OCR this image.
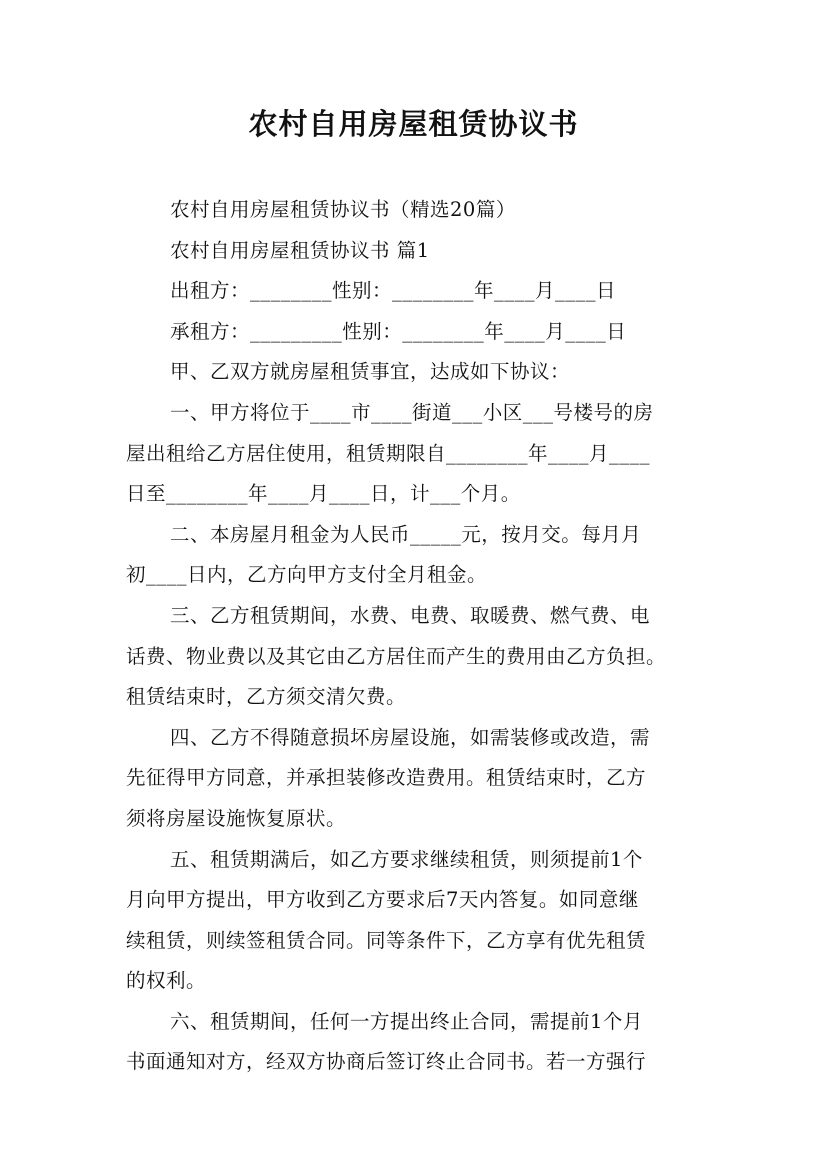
农村自用房屋租赁协议书

农村自用房屋租赁协议书（精选20篇）

农村自用房屋租赁协议书 篇1

出租方：________性别：________年____月____日

承租方：_________性别：________年____月____日

甲、乙双方就房屋租赁事宜，达成如下协议：

一、甲方将位于____市____街道___小区___号楼号的房

屋出租给乙方居住使用，租赁期限自________年____月____

日至________年____月____日，计___个月。

二、本房屋月租金为人民币_____元，按月交。每月月

初____日内，乙方向甲方支付全月租金。

三、乙方租赁期间，水费、电费、取暖费、燃气费、电

话费、物业费以及其它由乙方居住而产生的费用由乙方负担。

租赁结束时，乙方须交清欠费。

四、乙方不得随意损坏房屋设施，如需装修或改造，需

先征得甲方同意，并承担装修改造费用。租赁结束时，乙方

须将房屋设施恢复原状。

五、租赁期满后，如乙方要求继续租赁，则须提前1个

月向甲方提出，甲方收到乙方要求后7天内答复。如同意继

续租赁，则续签租赁合同。同等条件下，乙方享有优先租赁

的权利。

六、租赁期间，任何一方提出终止合同，需提前1个月

书面通知对方，经双方协商后签订终止合同书。若一方强行
